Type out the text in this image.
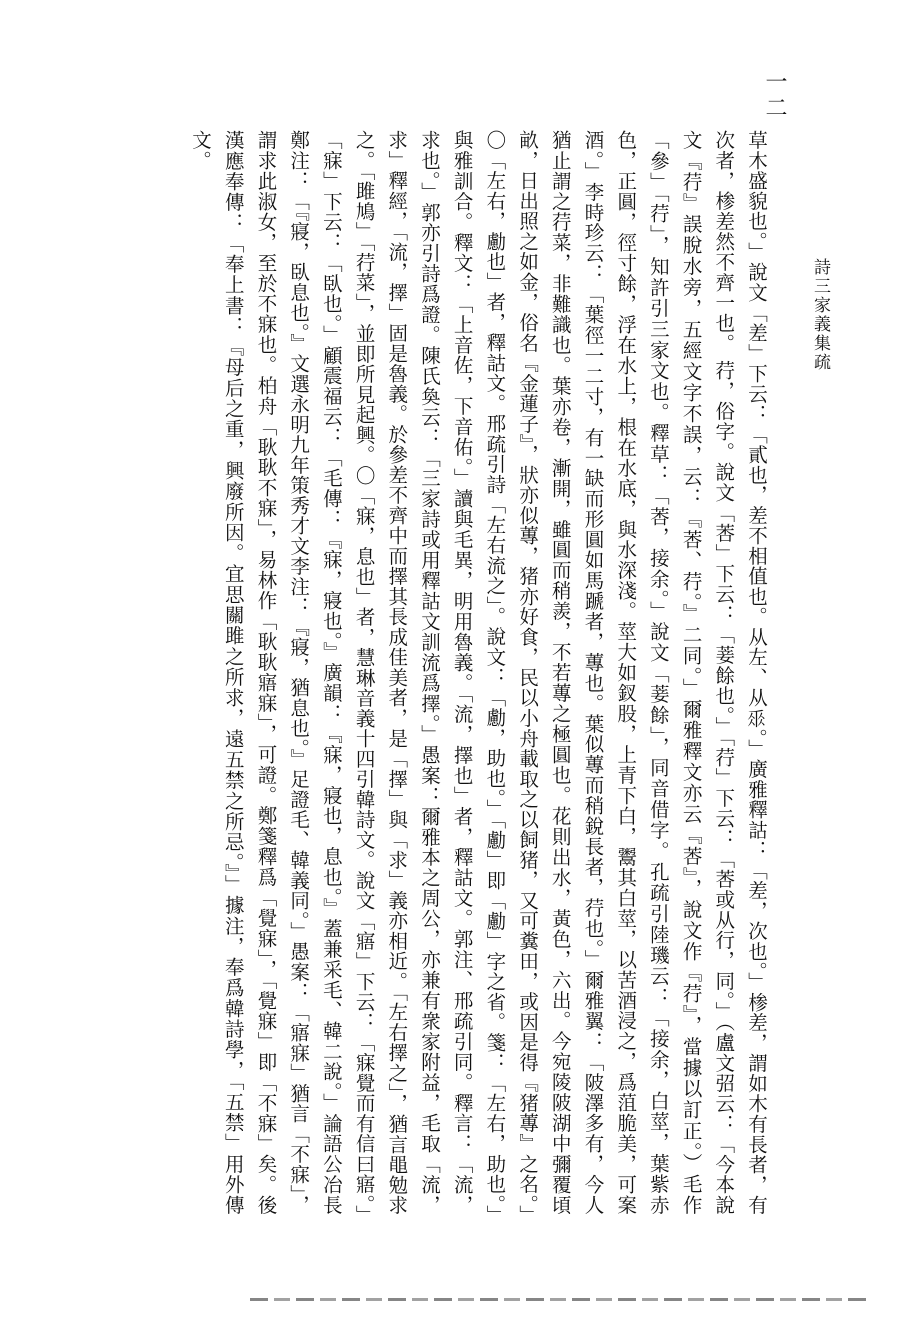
詩三家義集疏
一二

草木盛貌也。」說文「差」下云：「貳也，差不相值也。从左、从𠂹。」廣雅釋詁：「差，次也。」椮差，謂如木有長者，有次者，椮差然不齊一也。 荇，俗字。說文「莕」下云：「菨餘也。」「荇」下云：「莕或从行，同。」（盧文弨云：「今本說文『荇』誤脫水旁，五經文字不誤，云：『莕、荇。』二同。」爾雅釋文亦云『莕』，說文作『荇』，當據以訂正。）毛作「參」「荇」，知許引三家文也。釋草：「莕，接余。」說文「菨餘」，同音借字。孔疏引陸璣云：「接余，白莖，葉紫赤色，正圓，徑寸餘，浮在水上，根在水底，與水深淺。莖大如釵股，上青下白，鬻其白莖，以苦酒浸之，爲菹脆美，可案酒。」李時珍云：「葉徑一二寸，有一缺而形圓如馬蹏者，蓴也。葉似蓴而稍銳長者，荇也。」爾雅翼：「陂澤多有，今人猶止謂之荇菜，非難識也。葉亦卷，漸開，雖圓而稍羨，不若蓴之極圓也。花則出水，黃色，六出。今宛陵陂湖中彌覆頃畝，日出照之如金，俗名『金蓮子』，狀亦似蓴，猪亦好食，民以小舟載取之以飼猪，又可糞田，或因是得『猪蓴』之名。」〇「左右，勴也」者，釋詁文。邢疏引詩「左右流之」。說文：「勴，助也。」「勴」即「勴」字之省。箋：「左右，助也。」與雅訓合。釋文：「上音佐，下音佑。」讀與毛異，明用魯義。「流，擇也」者，釋詁文。郭注、邢疏引同。釋言：「流，求也。」郭亦引詩爲證。陳氏奐云：「三家詩或用釋詁文訓流爲擇。」愚案：爾雅本之周公，亦兼有衆家附益，毛取「流，求」釋經，「流，擇」固是魯義。於參差不齊中而擇其長成佳美者，是「擇」與「求」義亦相近。「左右擇之」，猶言黽勉求之。「雎鳩」「荇菜」，並即所見起興。〇「寐，息也」者，慧琳音義十四引韓詩文。說文「寤」下云：「寐覺而有信曰寤。」「寐」下云：「臥也。」顧震福云：「毛傳：『寐，寢也。』廣韻：『寐，寢也，息也。』蓋兼采毛、韓二說。」論語公冶長鄭注：「『寢，臥息也。』文選永明九年策秀才文李注：『寢，猶息也。』足證毛、韓義同。」愚案：「寤寐」猶言「不寐」，謂求此淑女，至於不寐也。柏舟「耿耿不寐」，易林作「耿耿寤寐」，可證。鄭箋釋爲「覺寐」，「覺寐」即「不寐」矣。後漢應奉傳：「奉上書：『母后之重，興廢所因。宜思關雎之所求，遠五禁之所忌。』」據注，奉爲韓詩學，「五禁」用外傳文。
